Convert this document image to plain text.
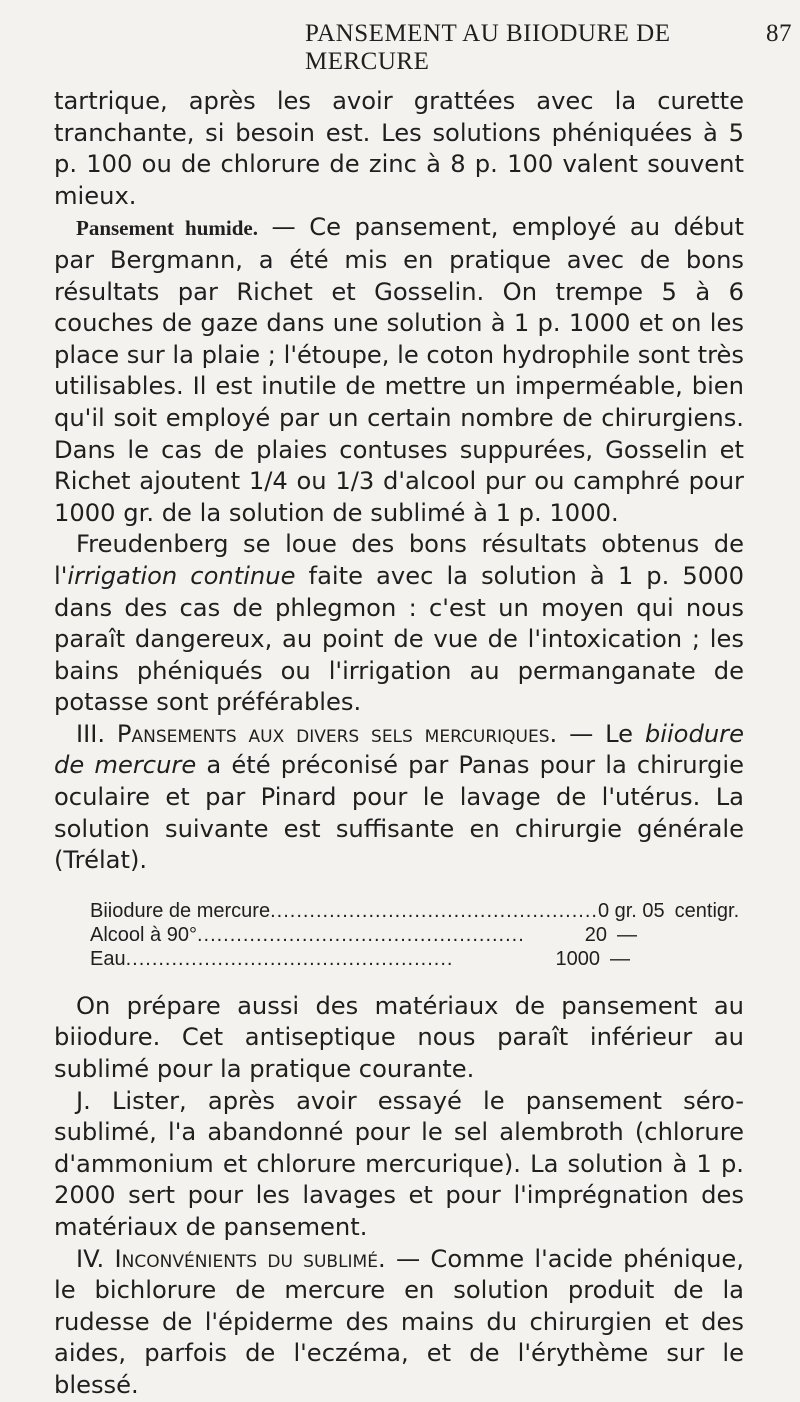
PANSEMENT AU BIIODURE DE MERCURE
87

tartrique, après les avoir grattées avec la curette tranchante, si besoin est. Les solutions phéniquées à 5 p. 100 ou de chlorure de zinc à 8 p. 100 valent souvent mieux.

Pansement humide. — Ce pansement, employé au début par Bergmann, a été mis en pratique avec de bons résultats par Richet et Gosselin. On trempe 5 à 6 couches de gaze dans une solution à 1 p. 1000 et on les place sur la plaie ; l'étoupe, le coton hydrophile sont très utilisables. Il est inutile de mettre un imperméable, bien qu'il soit employé par un certain nombre de chirurgiens. Dans le cas de plaies contuses suppurées, Gosselin et Richet ajoutent 1/4 ou 1/3 d'alcool pur ou camphré pour 1000 gr. de la solution de sublimé à 1 p. 1000.

Freudenberg se loue des bons résultats obtenus de l'irrigation continue faite avec la solution à 1 p. 5000 dans des cas de phlegmon : c'est un moyen qui nous paraît dangereux, au point de vue de l'intoxication ; les bains phéniqués ou l'irrigation au permanganate de potasse sont préférables.

III. Pansements aux divers sels mercuriques. — Le biiodure de mercure a été préconisé par Panas pour la chirurgie oculaire et par Pinard pour le lavage de l'utérus. La solution suivante est suffisante en chirurgie générale (Trélat).

Biiodure de mercure .................................................. 0 gr. 05 centigr.
Alcool à 90° ..................................................	20 —
Eau ..................................................	1000 —

On prépare aussi des matériaux de pansement au biiodure. Cet antiseptique nous paraît inférieur au sublimé pour la pratique courante.

J. Lister, après avoir essayé le pansement séro-sublimé, l'a abandonné pour le sel alembroth (chlorure d'ammonium et chlorure mercurique). La solution à 1 p. 2000 sert pour les lavages et pour l'imprégnation des matériaux de pansement.

IV. Inconvénients du sublimé. — Comme l'acide phénique, le bichlorure de mercure en solution produit de la rudesse de l'épiderme des mains du chirurgien et des aides, parfois de l'eczéma, et de l'érythème sur le blessé.
